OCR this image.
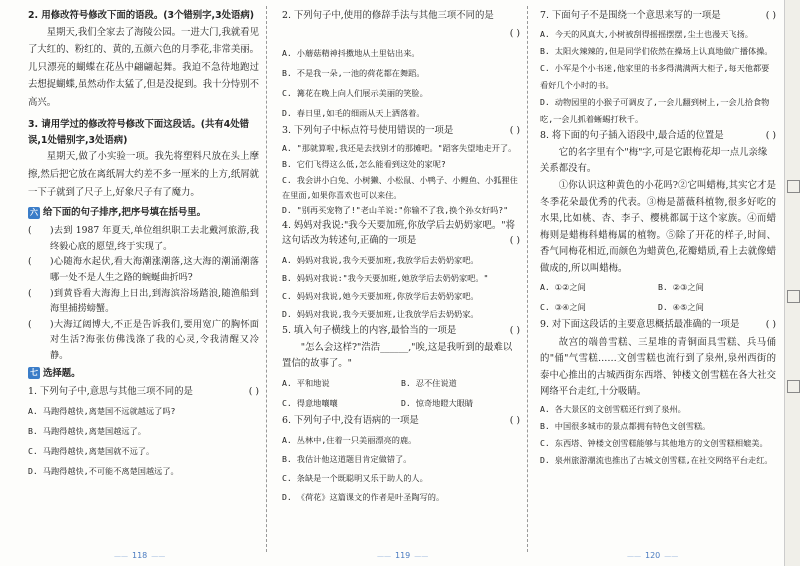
2. 用修改符号修改下面的语段。(3个错别字,3处语病)

星期天,我们全家去了海陵公园。一进大门,我就看见了大红的、粉红的、黄的,五颜六色的月季花,非常美丽。儿只漂亮的蝴蝶在花丛中翩翩起舞。我迫不急待地跑过去想捉蝴蝶,虽然动作太猛了,但是没捉到。我十分恃别不高兴。

3. 请用学过的修改符号修改下面这段话。(共有4处错误,1处错别字,3处语病)

星期天,做了小实验一项。我先将塑料尺放在头上摩擦,然后把它放在离纸屑大约差不多一厘米的上方,纸屑就一下子就到了尺子上,好象尺子有了魔力。

六 给下面的句子排序,把序号填在括号里。
(	)去到 1987 年夏天,单位组织职工去北戴河旅游,我终毅心底的愿望,终于实现了。
(	)心随海水起伏,看大海潮涨潮落,这大海的潮涌潮落哪一处不是人生之路的蜿蜒曲折吗?
(	)到黄昏看大海海上日出,到海滨浴场踏浪,随渔船到海里捕捞螃蟹。
(	)大海辽阔博大,不正是告诉我们,要用宽广的胸怀面对生活?海张仿佛浅涤了我的心灵,令我清醒又冷静。
七 选择题。
1. 下列句子中,意思与其他三项不同的是	( )
A. 马跑得越快,离楚国不远就越远了吗?
B. 马跑得越快,离楚国越远了。
C. 马跑得越快,离楚国就不远了。
D. 马跑得越快,不可能不离楚国越远了。
—— 118 ——
2. 下列句子中,使用的修辞手法与其他三项不同的是
( )
A. 小蘑菇精神抖擞地从土里钻出来。
B. 不是我一朵,一池的荷花都在舞蹈。
C. 篝花在晚上向人们展示美丽的笑脸。
D. 春日里,如毛的细雨从天上洒落着。
3. 下列句子中标点符号使用错误的一项是	( )
A. "那就算啦,我还是去找别才的那摊吧。"蹈客失望地走开了。
B. 它们飞得这么低,怎么能看到这处的家呢?
C. 我会讲小白兔、小树獭、小松鼠、小鸭子、小鲤鱼、小狐狸住在里面,如果你喜欢也可以来住。
D. "别再买宠物了!"老山羊说:"你输不了我,换个孙女好吗?"
4. 妈妈对我说:"我今天要加班,你放学后去奶奶家吧。"将这句话改为转述句,正确的一项是	( )
A. 妈妈对我说,我今天要加班,我放学后去奶奶家吧。
B. 妈妈对我说:"我今天要加班,她放学后去奶奶家吧。"
C. 妈妈对我说,她今天要加班,你放学后去奶奶家吧。
D. 妈妈对我说,我今天要加班,让我放学后去奶奶家。
5. 填入句子横线上的内容,最恰当的一项是	( )
"怎么会这样?"浩浩______,"唉,这是我听到的最难以置信的故事了。"
A. 平和地说	B. 忍不住说道
C. 得意地嚷嚷	D. 惊奇地瞪大眼睛
6. 下列句子中,没有语病的一项是	( )
A. 丛林中,住着一只美丽漂亮的鹿。
B. 我估计他这道题目肯定做错了。
C. 条缺是一个既聪明又乐于助人的人。
D. 《荷花》这篇课文的作者是叶圣陶写的。
—— 119 ——
7. 下面句子不是围绕一个意思来写的一项是	( )
A. 今天的风真大,小树被刮得摇摇摆摆,尘土也漫天飞扬。
B. 太阳火辣辣的,但是同学们依然在操场上认真地做广播体操。
C. 小军是个小书迷,他家里的书多得满满两大柜子,每天他都要看好几个小时的书。
D. 动物园里的小猴子可调皮了,一会儿翻到树上,一会儿拾食物吃,一会儿抓着蜥蜴打秋千。
8. 将下面的句子插入语段中,最合适的位置是	( )
它的名字里有个"梅"字,可是它跟梅花却一点儿亲缘关系都没有。

①你认识这种黄色的小花吗?②它叫蜡梅,其实它才是冬季花朵最优秀的代表。③梅是蔷薇科植物,很多好吃的水果,比如桃、杏、李子、樱桃都属于这个家族。④而蜡梅则是蜡梅科蜡梅属的植物。⑤除了开花的样子,时间、香气同梅花相近,而颜色为蜡黄色,花瓣蜡质,看上去就像蜡做成的,所以叫蜡梅。

A. ①②之间	B. ②③之间
C. ③④之间	D. ④⑤之间
9. 对下面这段话的主要意思概括最准确的一项是	( )

故宫的端兽雪糕、三星堆的青铜面具雪糕、兵马俑的"俑"气雪糕……文创雪糕也流行到了泉州,泉州西街的泰中心推出的古城西街东西塔、钟楼文创雪糕在各大社交网络平台走红,十分吸睛。

A. 各大景区的文创雪糕还行到了泉州。
B. 中国很多城市的景点都拥有特色文创雪糕。
C. 东西塔、钟楼文创雪糕能够与其他地方的文创雪糕相媲美。
D. 泉州旅游潮流也推出了古城文创雪糕,在社交网络平台走红。
—— 120 ——
